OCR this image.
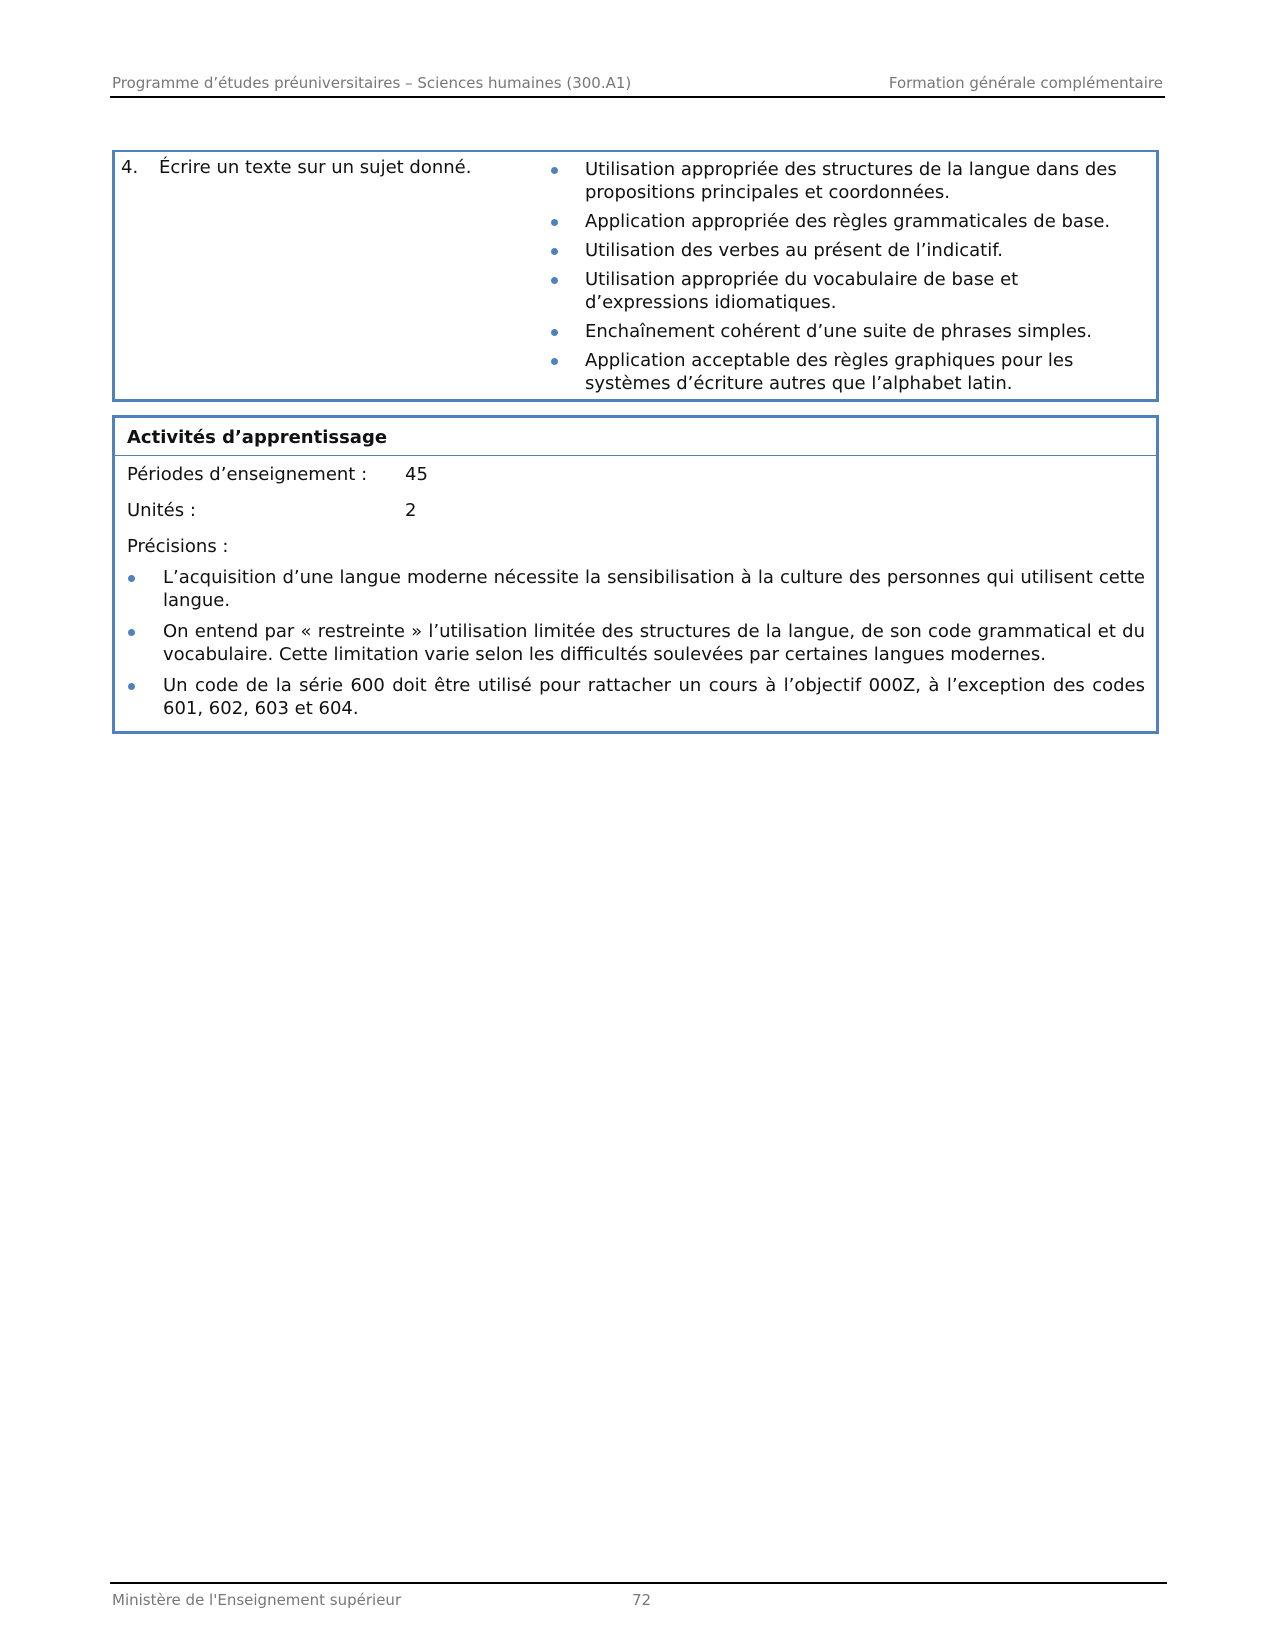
Programme d’études préuniversitaires – Sciences humaines (300.A1)	Formation générale complémentaire
4. Écrire un texte sur un sujet donné.	Utilisation appropriée des structures de la langue dans des propositions principales et coordonnées.
Application appropriée des règles grammaticales de base.
Utilisation des verbes au présent de l’indicatif.
Utilisation appropriée du vocabulaire de base et d’expressions idiomatiques.
Enchaînement cohérent d’une suite de phrases simples.
Application acceptable des règles graphiques pour les systèmes d’écriture autres que l’alphabet latin.
Activités d’apprentissage
Périodes d’enseignement : 45
Unités :	2
Précisions :
L’acquisition d’une langue moderne nécessite la sensibilisation à la culture des personnes qui utilisent cette langue.
On entend par « restreinte » l’utilisation limitée des structures de la langue, de son code grammatical et du vocabulaire. Cette limitation varie selon les difficultés soulevées par certaines langues modernes.
Un code de la série 600 doit être utilisé pour rattacher un cours à l’objectif 000Z, à l’exception des codes 601, 602, 603 et 604.
Ministère de l'Enseignement supérieur	72
